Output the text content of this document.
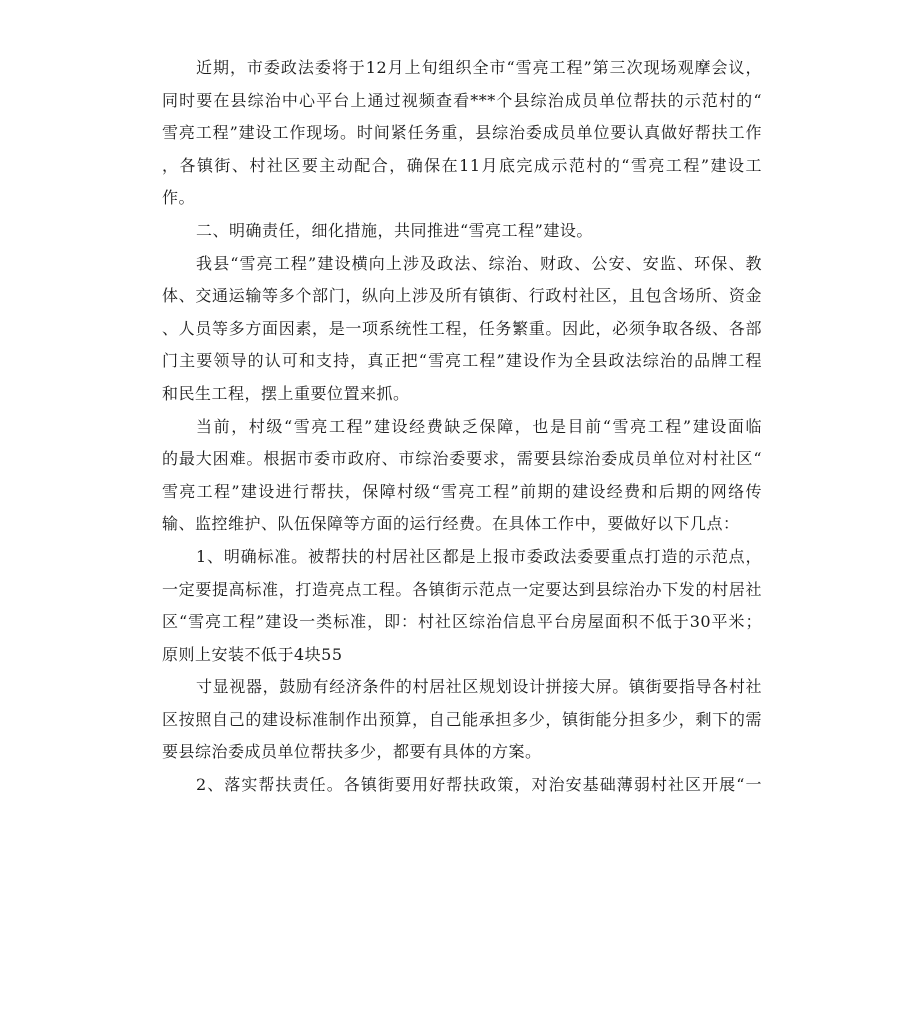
近期，市委政法委将于12月上旬组织全市“雪亮工程”第三次现场观摩会议，
同时要在县综治中心平台上通过视频查看***个县综治成员单位帮扶的示范村的“
雪亮工程”建设工作现场。时间紧任务重，县综治委成员单位要认真做好帮扶工作
，各镇街、村社区要主动配合，确保在11月底完成示范村的“雪亮工程”建设工
作。
二、明确责任，细化措施，共同推进“雪亮工程”建设。
我县“雪亮工程”建设横向上涉及政法、综治、财政、公安、安监、环保、教
体、交通运输等多个部门，纵向上涉及所有镇街、行政村社区，且包含场所、资金
、人员等多方面因素，是一项系统性工程，任务繁重。因此，必须争取各级、各部
门主要领导的认可和支持，真正把“雪亮工程”建设作为全县政法综治的品牌工程
和民生工程，摆上重要位置来抓。
当前，村级“雪亮工程”建设经费缺乏保障，也是目前“雪亮工程”建设面临
的最大困难。根据市委市政府、市综治委要求，需要县综治委成员单位对村社区“
雪亮工程”建设进行帮扶，保障村级“雪亮工程”前期的建设经费和后期的网络传
输、监控维护、队伍保障等方面的运行经费。在具体工作中，要做好以下几点：
1、明确标准。被帮扶的村居社区都是上报市委政法委要重点打造的示范点，
一定要提高标准，打造亮点工程。各镇街示范点一定要达到县综治办下发的村居社
区“雪亮工程”建设一类标准，即：村社区综治信息平台房屋面积不低于30平米；
原则上安装不低于4块55
寸显视器，鼓励有经济条件的村居社区规划设计拼接大屏。镇街要指导各村社
区按照自己的建设标准制作出预算，自己能承担多少，镇街能分担多少，剩下的需
要县综治委成员单位帮扶多少，都要有具体的方案。
2、落实帮扶责任。各镇街要用好帮扶政策，对治安基础薄弱村社区开展“一
